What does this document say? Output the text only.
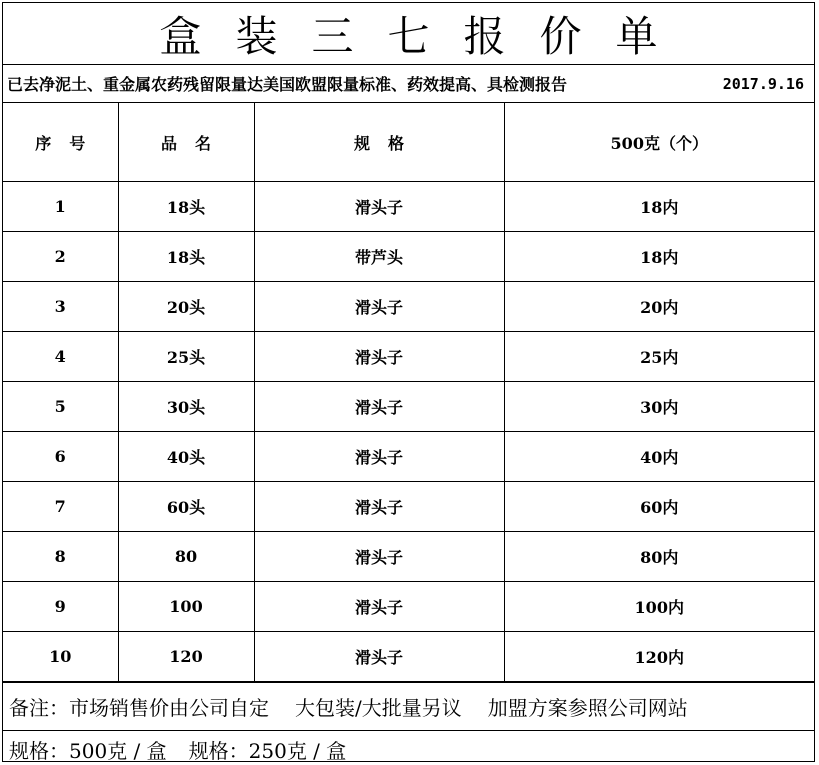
盒装三七报价单
已去净泥土、重金属农药残留限量达美国欧盟限量标准、药效提高、具检测报告	2017.9.16
序号	品名	规格	500克（个）
1	18头	滑头子	18内
2	18头	带芦头	18内
3	20头	滑头子	20内
4	25头	滑头子	25内
5	30头	滑头子	30内
6	40头	滑头子	40内
7	60头	滑头子	60内
8	80	滑头子	80内
9	100	滑头子	100内
10	120	滑头子	120内
备注： 市场销售价由公司自定 大包装/大批量另议 加盟方案参照公司网站
规格：500克 / 盒 规格：250克 / 盒
